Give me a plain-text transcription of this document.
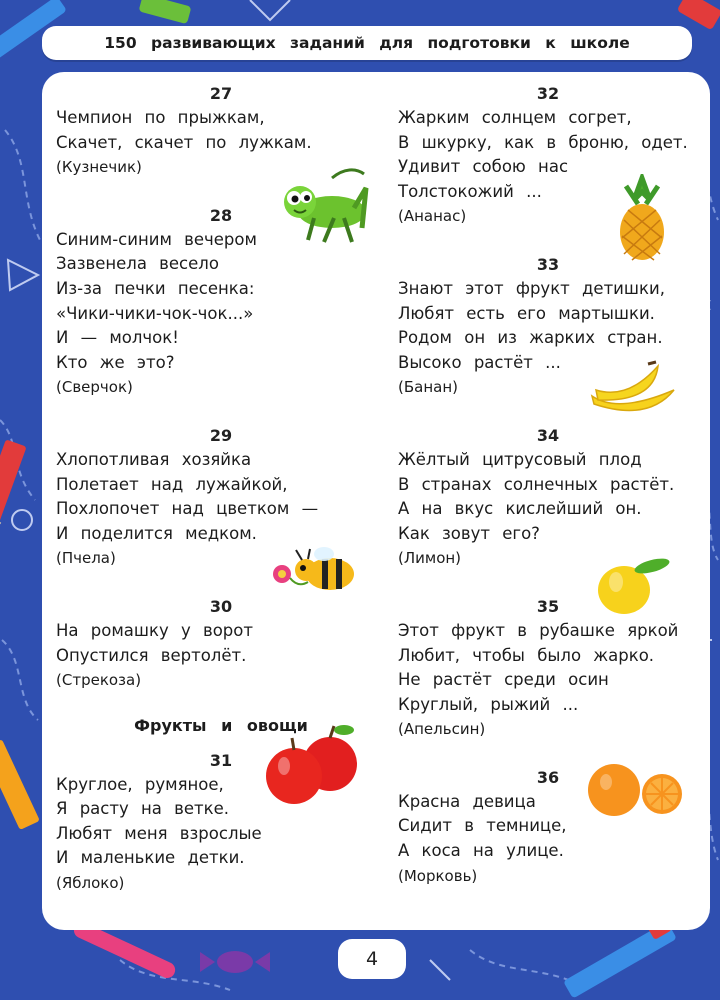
150 развивающих заданий для подготовки к школе
27
Чемпион по прыжкам,
Скачет, скачет по лужкам.
(Кузнечик)
28
Синим-синим вечером
Зазвенела весело
Из-за печки песенка:
«Чики-чики-чок-чок...»
И — молчок!
Кто же это?
(Сверчок)
29
Хлопотливая хозяйка
Полетает над лужайкой,
Похлопочет над цветком —
И поделится медком.
(Пчела)
30
На ромашку у ворот
Опустился вертолёт.
(Стрекоза)
Фрукты и овощи
31
Круглое, румяное,
Я расту на ветке.
Любят меня взрослые
И маленькие детки.
(Яблоко)
32
Жарким солнцем согрет,
В шкурку, как в броню, одет.
Удивит собою нас
Толстокожий ...
(Ананас)
33
Знают этот фрукт детишки,
Любят есть его мартышки.
Родом он из жарких стран.
Высоко растёт ...
(Банан)
34
Жёлтый цитрусовый плод
В странах солнечных растёт.
А на вкус кислейший он.
Как зовут его?
(Лимон)
35
Этот фрукт в рубашке яркой
Любит, чтобы было жарко.
Не растёт среди осин
Круглый, рыжий ...
(Апельсин)
36
Красна девица
Сидит в темнице,
А коса на улице.
(Морковь)
4
